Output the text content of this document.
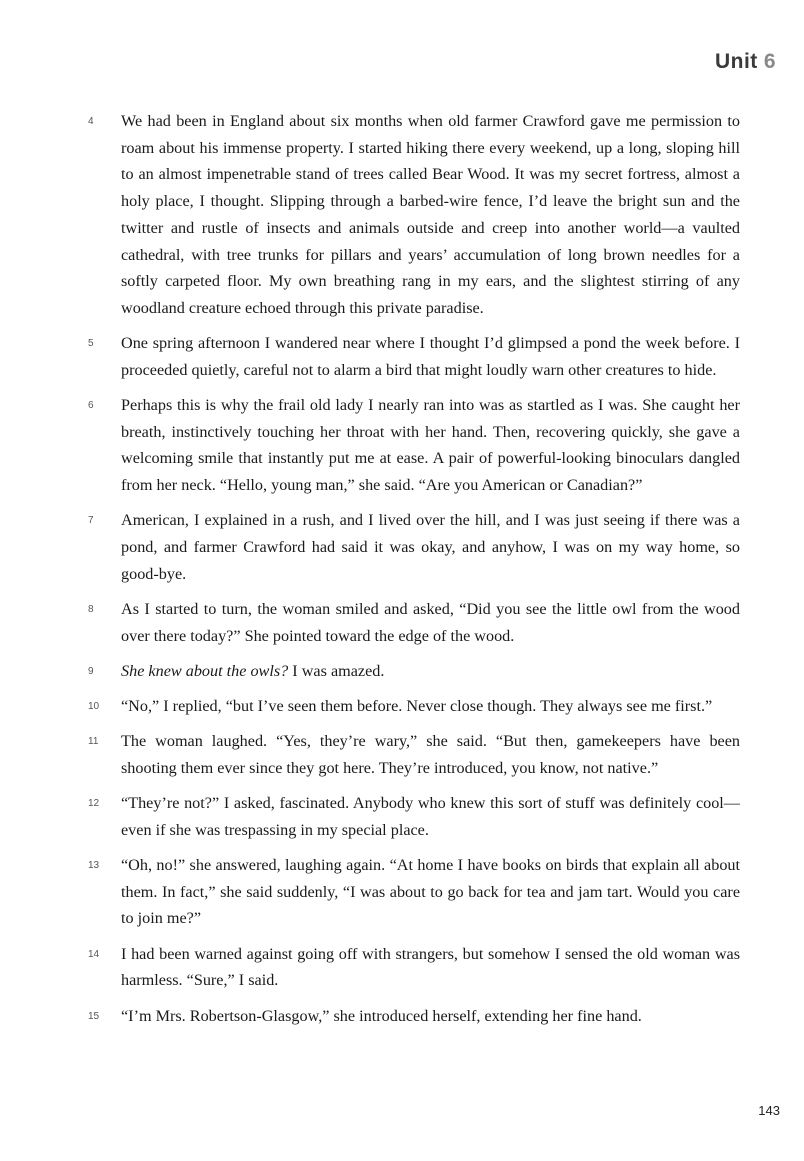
Unit 6
4 We had been in England about six months when old farmer Crawford gave me permission to roam about his immense property. I started hiking there every weekend, up a long, sloping hill to an almost impenetrable stand of trees called Bear Wood. It was my secret fortress, almost a holy place, I thought. Slipping through a barbed-wire fence, I’d leave the bright sun and the twitter and rustle of insects and animals outside and creep into another world—a vaulted cathedral, with tree trunks for pillars and years’ accumulation of long brown needles for a softly carpeted floor. My own breathing rang in my ears, and the slightest stirring of any woodland creature echoed through this private paradise.
5 One spring afternoon I wandered near where I thought I’d glimpsed a pond the week before. I proceeded quietly, careful not to alarm a bird that might loudly warn other creatures to hide.
6 Perhaps this is why the frail old lady I nearly ran into was as startled as I was. She caught her breath, instinctively touching her throat with her hand. Then, recovering quickly, she gave a welcoming smile that instantly put me at ease. A pair of powerful-looking binoculars dangled from her neck. “Hello, young man,” she said. “Are you American or Canadian?”
7 American, I explained in a rush, and I lived over the hill, and I was just seeing if there was a pond, and farmer Crawford had said it was okay, and anyhow, I was on my way home, so good-bye.
8 As I started to turn, the woman smiled and asked, “Did you see the little owl from the wood over there today?” She pointed toward the edge of the wood.
9 She knew about the owls? I was amazed.
10 “No,” I replied, “but I’ve seen them before. Never close though. They always see me first.”
11 The woman laughed. “Yes, they’re wary,” she said. “But then, gamekeepers have been shooting them ever since they got here. They’re introduced, you know, not native.”
12 “They’re not?” I asked, fascinated. Anybody who knew this sort of stuff was definitely cool—even if she was trespassing in my special place.
13 “Oh, no!” she answered, laughing again. “At home I have books on birds that explain all about them. In fact,” she said suddenly, “I was about to go back for tea and jam tart. Would you care to join me?”
14 I had been warned against going off with strangers, but somehow I sensed the old woman was harmless. “Sure,” I said.
15 “I’m Mrs. Robertson-Glasgow,” she introduced herself, extending her fine hand.
143
